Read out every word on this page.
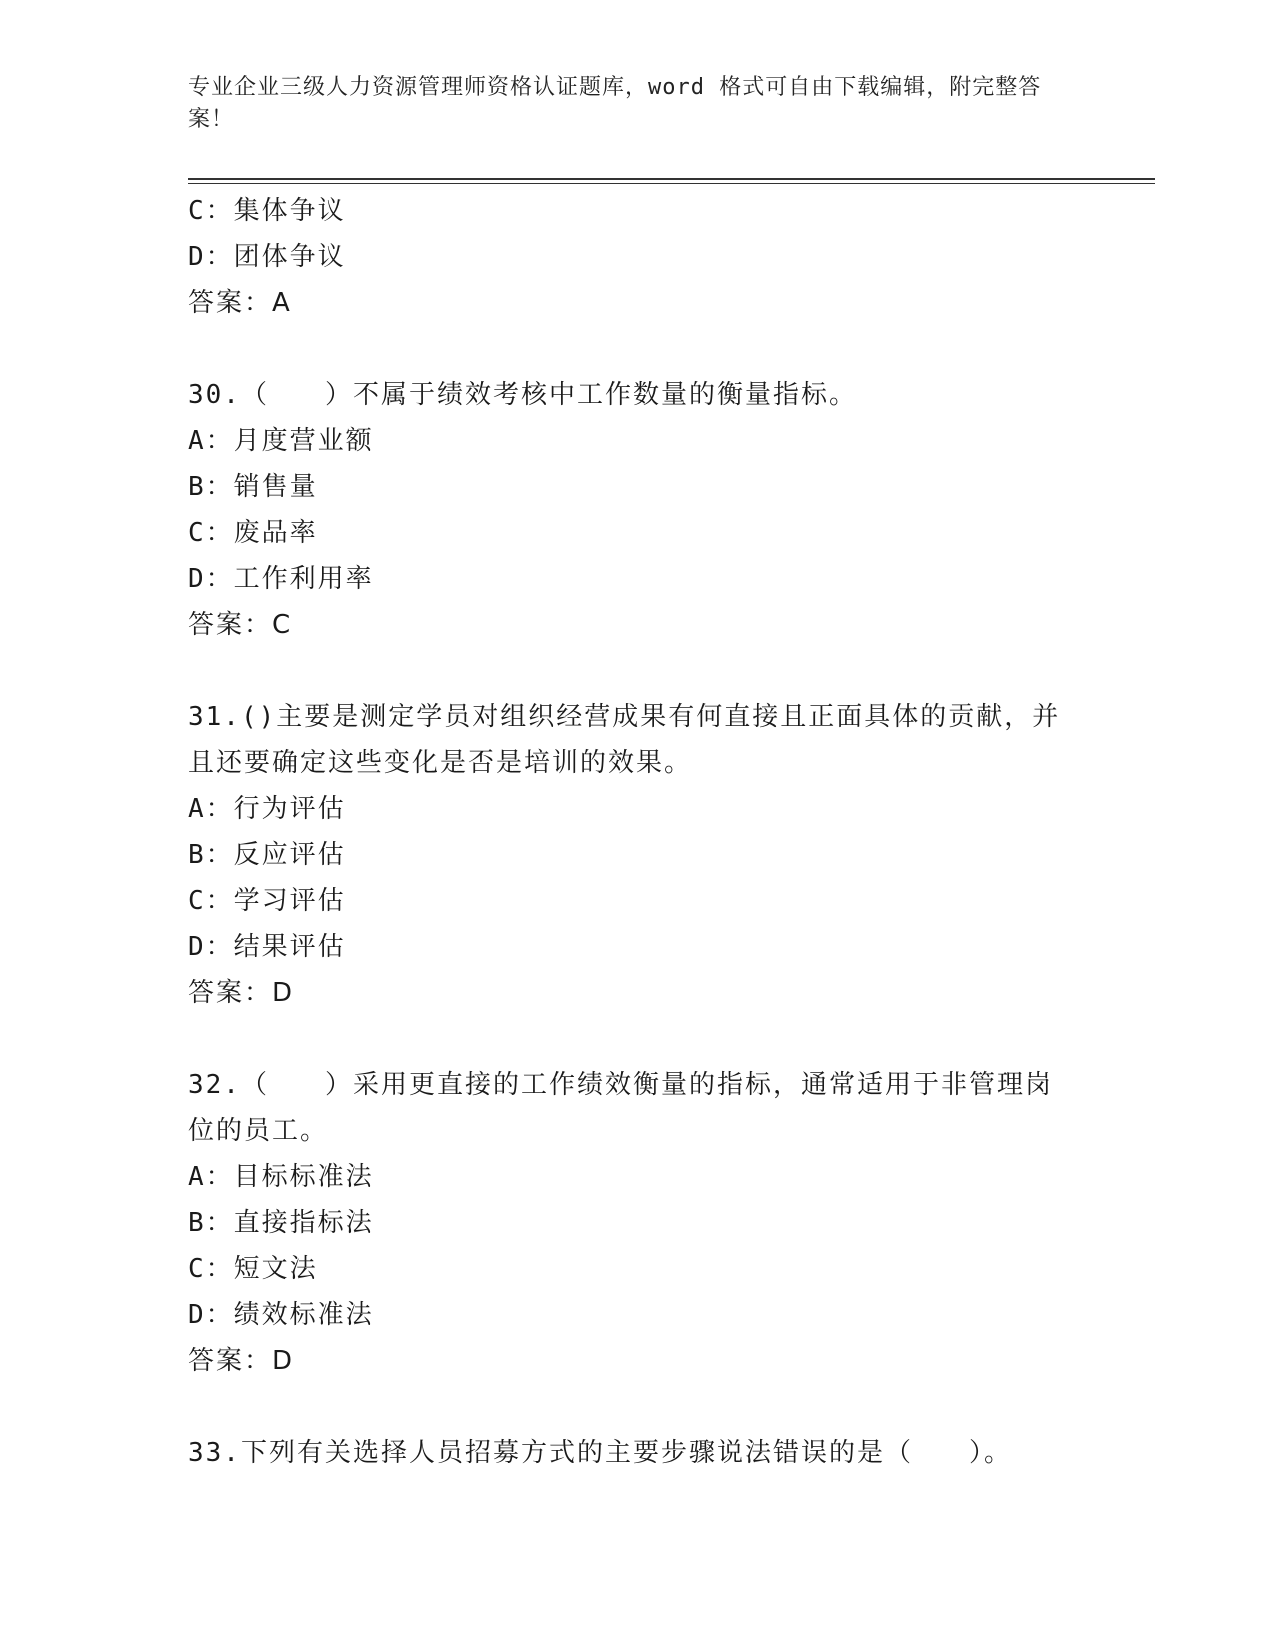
专业企业三级人力资源管理师资格认证题库，word 格式可自由下载编辑，附完整答案！
C：集体争议
D：团体争议
答案：A
30.（　　）不属于绩效考核中工作数量的衡量指标。
A：月度营业额
B：销售量
C：废品率
D：工作利用率
答案：C
31.()主要是测定学员对组织经营成果有何直接且正面具体的贡献，并且还要确定这些变化是否是培训的效果。
A：行为评估
B：反应评估
C：学习评估
D：结果评估
答案：D
32.（　　）采用更直接的工作绩效衡量的指标，通常适用于非管理岗位的员工。
A：目标标准法
B：直接指标法
C：短文法
D：绩效标准法
答案：D
33.下列有关选择人员招募方式的主要步骤说法错误的是（　　）。
